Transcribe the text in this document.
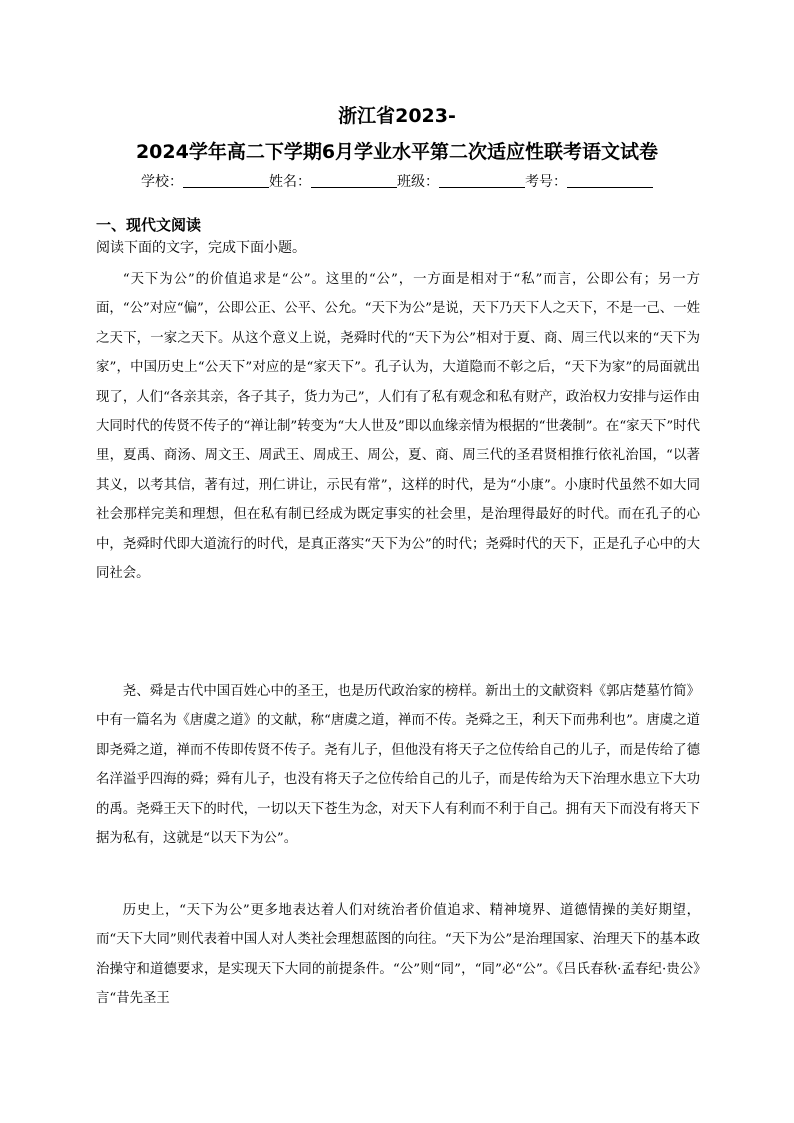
浙江省2023-
2024学年高二下学期6月学业水平第二次适应性联考语文试卷
学校：	姓名：	班级：	考号：
一、现代文阅读
阅读下面的文字，完成下面小题。

“天下为公”的价值追求是“公”。这里的“公”，一方面是相对于“私”而言，公即公有；另一方面，“公”对应“偏”，公即公正、公平、公允。“天下为公”是说，天下乃天下人之天下，不是一己、一姓之天下，一家之天下。从这个意义上说，尧舜时代的“天下为公”相对于夏、商、周三代以来的“天下为家”，中国历史上“公天下”对应的是“家天下”。孔子认为，大道隐而不彰之后，“天下为家”的局面就出现了，人们“各亲其亲，各子其子，货力为己”，人们有了私有观念和私有财产，政治权力安排与运作由大同时代的传贤不传子的“禅让制”转变为“大人世及”即以血缘亲情为根据的“世袭制”。在“家天下”时代里，夏禹、商汤、周文王、周武王、周成王、周公，夏、商、周三代的圣君贤相推行依礼治国，“以著其义，以考其信，著有过，刑仁讲让，示民有常”，这样的时代，是为“小康”。小康时代虽然不如大同社会那样完美和理想，但在私有制已经成为既定事实的社会里，是治理得最好的时代。而在孔子的心中，尧舜时代即大道流行的时代，是真正落实“天下为公”的时代；尧舜时代的天下，正是孔子心中的大同社会。

尧、舜是古代中国百姓心中的圣王，也是历代政治家的榜样。新出土的文献资料《郭店楚墓竹简》中有一篇名为《唐虞之道》的文献，称“唐虞之道，禅而不传。尧舜之王，利天下而弗利也”。唐虞之道即尧舜之道，禅而不传即传贤不传子。尧有儿子，但他没有将天子之位传给自己的儿子，而是传给了德名洋溢乎四海的舜；舜有儿子，也没有将天子之位传给自己的儿子，而是传给为天下治理水患立下大功的禹。尧舜王天下的时代，一切以天下苍生为念，对天下人有利而不利于自己。拥有天下而没有将天下据为私有，这就是“以天下为公”。

历史上，“天下为公”更多地表达着人们对统治者价值追求、精神境界、道德情操的美好期望，而“天下大同”则代表着中国人对人类社会理想蓝图的向往。“天下为公”是治理国家、治理天下的基本政治操守和道德要求，是实现天下大同的前提条件。“公”则“同”，“同”必“公”。《吕氏春秋·孟春纪·贵公》言“昔先圣王
